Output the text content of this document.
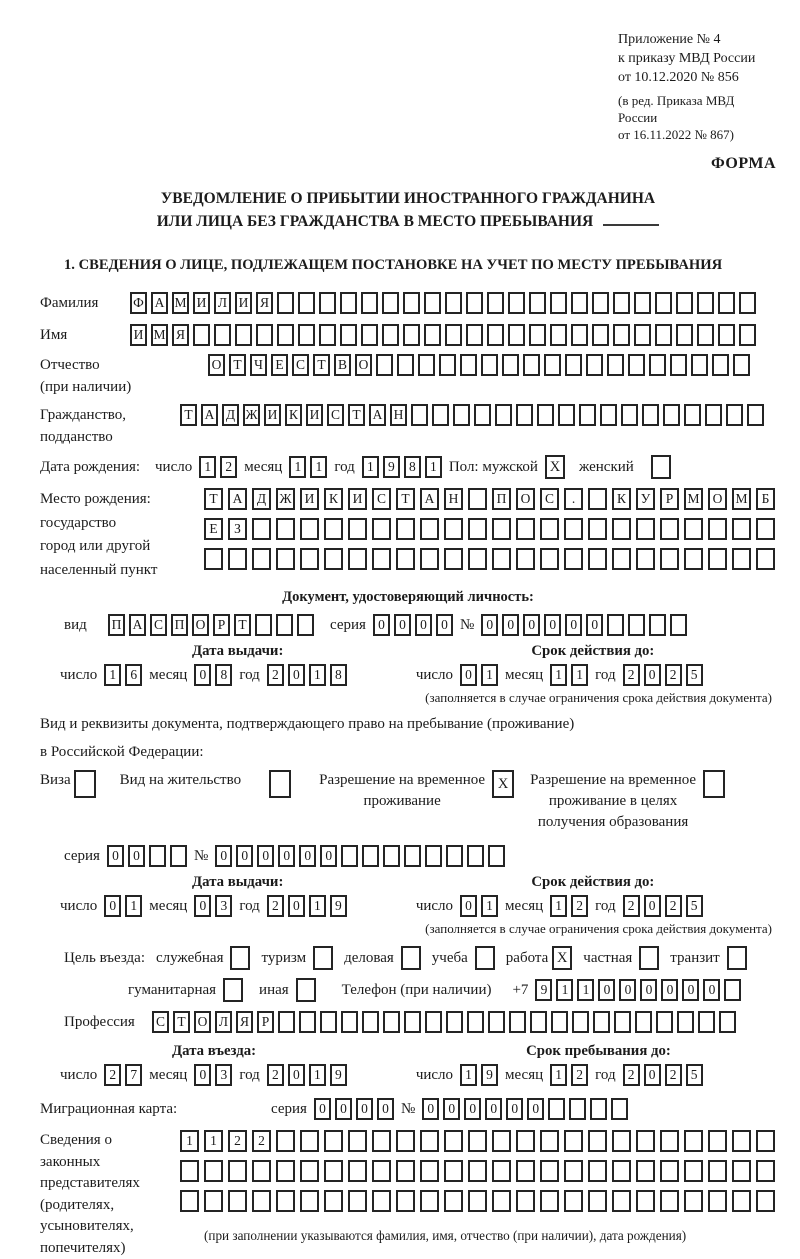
Приложение № 4
к приказу МВД России
от 10.12.2020 № 856
(в ред. Приказа МВД России
от 16.11.2022 № 867)
ФОРМА
УВЕДОМЛЕНИЕ О ПРИБЫТИИ ИНОСТРАННОГО ГРАЖДАНИНА
ИЛИ ЛИЦА БЕЗ ГРАЖДАНСТВА В МЕСТО ПРЕБЫВАНИЯ
1. СВЕДЕНИЯ О ЛИЦЕ, ПОДЛЕЖАЩЕМ ПОСТАНОВКЕ НА УЧЕТ ПО МЕСТУ ПРЕБЫВАНИЯ
Фамилия	Ф А М И Л И Я
Имя	И М Я
Отчество
(при наличии)
О Т Ч Е С Т В О
Гражданство,
подданство
Т А Д Ж И К И С Т А Н
Дата рождения: число 1	2 месяц 1	1 год 1	9	8	1 Пол: мужской X	женский
Место рождения:
государство
город или другой
населенный пункт
Т	А	Д Ж И	К	И	С	Т	А	Н	П	О	С	.	К	У	Р	М О М	Б
Е	З
Документ, удостоверяющий личность:
вид	П А С П О Р Т	серия 0	0	0	0 № 0	0	0	0	0	0
Дата выдачи:	Срок действия до:
число 1	6 месяц 0	8 год 2	0	1	8	число 0	1 месяц 1	1 год 2	0	2	5
(заполняется в случае ограничения срока действия документа)
Вид и реквизиты документа, подтверждающего право на пребывание (проживание)
в Российской Федерации:
Виза	Вид на жительство	Разрешение на временное
проживание
X	Разрешение на временное
проживание в целях
получения образования
серия 0	0	№ 0	0	0	0	0	0
Дата выдачи:	Срок действия до:
число 0	1 месяц 0	3 год 2	0	1	9	число 0	1 месяц 1	2 год 2	0	2	5
(заполняется в случае ограничения срока действия документа)
Цель въезда: служебная	туризм	деловая	учеба	работа X	частная	транзит
гуманитарная	иная	Телефон (при наличии) +7 9	1	1	0	0	0	0	0	0
Профессия	С Т О Л Я Р
Дата въезда:	Срок пребывания до:
число 2	7 месяц 0	3 год 2	0	1	9	число 1	9 месяц 1	2 год 2	0	2	5
Миграционная карта:	серия 0	0	0	0 № 0	0	0	0	0	0
Сведения о
законных
представителях
(родителях,
усыновителях,
попечителях)
1	1	2	2
(при заполнении указываются фамилия, имя, отчество (при наличии), дата рождения)
